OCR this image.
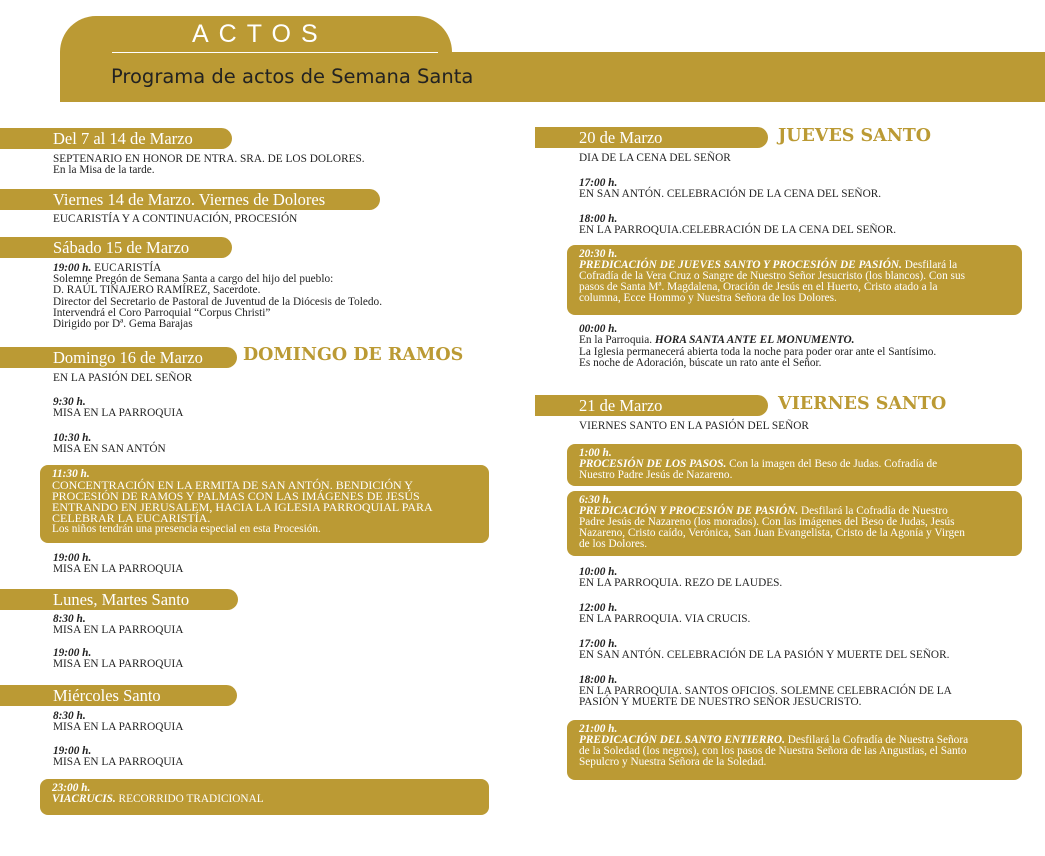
ACTOS
Programa de actos de Semana Santa
Del 7 al 14 de Marzo

SEPTENARIO EN HONOR DE NTRA. SRA. DE LOS DOLORES.

En la Misa de la tarde.

Viernes 14 de Marzo. Viernes de Dolores

EUCARISTÍA Y A CONTINUACIÓN, PROCESIÓN

Sábado 15 de Marzo

19:00 h. EUCARISTÍA

Solemne Pregón de Semana Santa a cargo del hijo del pueblo:

D. RAÚL TINAJERO RAMÍREZ, Sacerdote.

Director del Secretario de Pastoral de Juventud de la Diócesis de Toledo.

Intervendrá el Coro Parroquial “Corpus Christi”

Dirigido por Dª. Gema Barajas

Domingo 16 de Marzo	DOMINGO DE RAMOS

EN LA PASIÓN DEL SEÑOR

9:30 h.

MISA EN LA PARROQUIA

10:30 h.

MISA EN SAN ANTÓN

11:30 h.
CONCENTRACIÓN EN LA ERMITA DE SAN ANTÓN. BENDICIÓN Y
PROCESIÓN DE RAMOS Y PALMAS CON LAS IMÁGENES DE JESÚS
ENTRANDO EN JERUSALEM, HACIA LA IGLESIA PARROQUIAL PARA
CELEBRAR LA EUCARISTÍA.
Los niños tendrán una presencia especial en esta Procesión.

19:00 h.

MISA EN LA PARROQUIA

Lunes, Martes Santo

8:30 h.

MISA EN LA PARROQUIA

19:00 h.

MISA EN LA PARROQUIA

Miércoles Santo

8:30 h.

MISA EN LA PARROQUIA

19:00 h.

MISA EN LA PARROQUIA

23:00 h.
VIACRUCIS. RECORRIDO TRADICIONAL
20 de Marzo	JUEVES SANTO

DIA DE LA CENA DEL SEÑOR

17:00 h.

EN SAN ANTÓN. CELEBRACIÓN DE LA CENA DEL SEÑOR.

18:00 h.

EN LA PARROQUIA.CELEBRACIÓN DE LA CENA DEL SEÑOR.

20:30 h.
PREDICACIÓN DE JUEVES SANTO Y PROCESIÓN DE PASIÓN. Desfilará la
Cofradía de la Vera Cruz o Sangre de Nuestro Señor Jesucristo (los blancos). Con sus
pasos de Santa Mª. Magdalena, Oración de Jesús en el Huerto, Cristo atado a la
columna, Ecce Hommo y Nuestra Señora de los Dolores.

00:00 h.

En la Parroquia. HORA SANTA ANTE EL MONUMENTO.

La Iglesia permanecerá abierta toda la noche para poder orar ante el Santísimo.

Es noche de Adoración, búscate un rato ante el Señor.

21 de Marzo	VIERNES SANTO

VIERNES SANTO EN LA PASIÓN DEL SEÑOR

1:00 h.
PROCESIÓN DE LOS PASOS. Con la imagen del Beso de Judas. Cofradía de
Nuestro Padre Jesús de Nazareno.
6:30 h.
PREDICACIÓN Y PROCESIÓN DE PASIÓN. Desfilará la Cofradía de Nuestro
Padre Jesús de Nazareno (los morados). Con las imágenes del Beso de Judas, Jesús
Nazareno, Cristo caído, Verónica, San Juan Evangelista, Cristo de la Agonía y Virgen
de los Dolores.

10:00 h.

EN LA PARROQUIA. REZO DE LAUDES.

12:00 h.

EN LA PARROQUIA. VIA CRUCIS.

17:00 h.

EN SAN ANTÓN. CELEBRACIÓN DE LA PASIÓN Y MUERTE DEL SEÑOR.

18:00 h.

EN LA PARROQUIA. SANTOS OFICIOS. SOLEMNE CELEBRACIÓN DE LA

PASIÓN Y MUERTE DE NUESTRO SEÑOR JESUCRISTO.

21:00 h.
PREDICACIÓN DEL SANTO ENTIERRO. Desfilará la Cofradía de Nuestra Señora
de la Soledad (los negros), con los pasos de Nuestra Señora de las Angustias, el Santo
Sepulcro y Nuestra Señora de la Soledad.
